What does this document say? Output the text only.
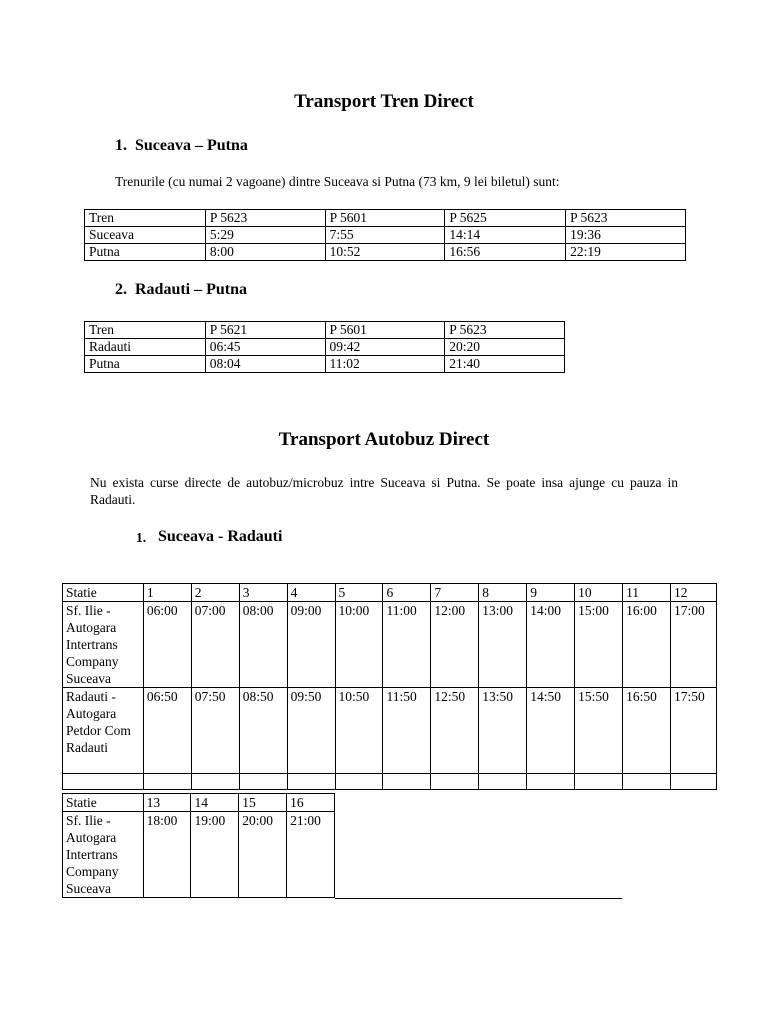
Transport Tren Direct
1. Suceava – Putna
Trenurile (cu numai 2 vagoane) dintre Suceava si Putna (73 km, 9 lei biletul) sunt:
Tren	P 5623	P 5601	P 5625	P 5623
Suceava	5:29	7:55	14:14	19:36
Putna	8:00	10:52	16:56	22:19
2. Radauti – Putna
Tren	P 5621	P 5601	P 5623
Radauti	06:45	09:42	20:20
Putna	08:04	11:02	21:40
Transport Autobuz Direct
Nu exista curse directe de autobuz/microbuz intre Suceava si Putna. Se poate insa ajunge cu pauza in Radauti.
1. Suceava - Radauti
Statie	1	2	3	4	5	6	7	8	9	10	11	12
Sf. Ilie - Autogara Intertrans Company Suceava	06:00	07:00	08:00	09:00	10:00	11:00	12:00	13:00	14:00	15:00	16:00	17:00
Radauti - Autogara Petdor Com Radauti	06:50	07:50	08:50	09:50	10:50	11:50	12:50	13:50	14:50	15:50	16:50	17:50

Statie	13	14	15	16
Sf. Ilie - Autogara Intertrans Company Suceava	18:00	19:00	20:00	21:00
